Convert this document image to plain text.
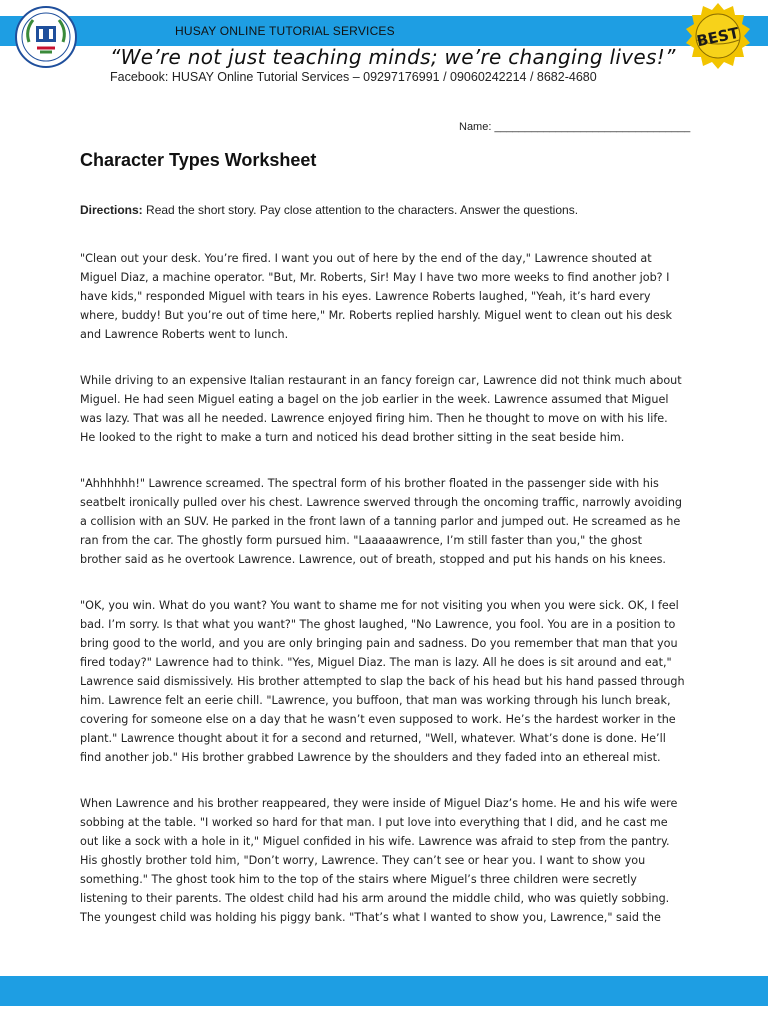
HUSAY ONLINE TUTORIAL SERVICES	BEST
“We’re not just teaching minds; we’re changing lives!”
Facebook: HUSAY Online Tutorial Services – 09297176991 / 09060242214 / 8682-4680
Name: ________________________________
Character Types Worksheet
Directions: Read the short story. Pay close attention to the characters. Answer the questions.

"Clean out your desk. You’re fired. I want you out of here by the end of the day," Lawrence shouted at Miguel Diaz, a machine operator. "But, Mr. Roberts, Sir! May I have two more weeks to find another job? I have kids," responded Miguel with tears in his eyes. Lawrence Roberts laughed, "Yeah, it’s hard every where, buddy! But you’re out of time here," Mr. Roberts replied harshly. Miguel went to clean out his desk and Lawrence Roberts went to lunch.

While driving to an expensive Italian restaurant in an fancy foreign car, Lawrence did not think much about Miguel. He had seen Miguel eating a bagel on the job earlier in the week. Lawrence assumed that Miguel was lazy. That was all he needed. Lawrence enjoyed firing him. Then he thought to move on with his life. He looked to the right to make a turn and noticed his dead brother sitting in the seat beside him.

"Ahhhhhh!" Lawrence screamed. The spectral form of his brother floated in the passenger side with his seatbelt ironically pulled over his chest. Lawrence swerved through the oncoming traffic, narrowly avoiding a collision with an SUV. He parked in the front lawn of a tanning parlor and jumped out. He screamed as he ran from the car. The ghostly form pursued him. "Laaaaawrence, I’m still faster than you," the ghost brother said as he overtook Lawrence. Lawrence, out of breath, stopped and put his hands on his knees.

"OK, you win. What do you want? You want to shame me for not visiting you when you were sick. OK, I feel bad. I’m sorry. Is that what you want?" The ghost laughed, "No Lawrence, you fool. You are in a position to bring good to the world, and you are only bringing pain and sadness. Do you remember that man that you fired today?" Lawrence had to think. "Yes, Miguel Diaz. The man is lazy. All he does is sit around and eat," Lawrence said dismissively. His brother attempted to slap the back of his head but his hand passed through him. Lawrence felt an eerie chill. "Lawrence, you buffoon, that man was working through his lunch break, covering for someone else on a day that he wasn’t even supposed to work. He’s the hardest worker in the plant." Lawrence thought about it for a second and returned, "Well, whatever. What’s done is done. He’ll find another job." His brother grabbed Lawrence by the shoulders and they faded into an ethereal mist.

When Lawrence and his brother reappeared, they were inside of Miguel Diaz’s home. He and his wife were sobbing at the table. "I worked so hard for that man. I put love into everything that I did, and he cast me out like a sock with a hole in it," Miguel confided in his wife. Lawrence was afraid to step from the pantry. His ghostly brother told him, "Don’t worry, Lawrence. They can’t see or hear you. I want to show you something." The ghost took him to the top of the stairs where Miguel’s three children were secretly listening to their parents. The oldest child had his arm around the middle child, who was quietly sobbing. The youngest child was holding his piggy bank. "That’s what I wanted to show you, Lawrence," said the
